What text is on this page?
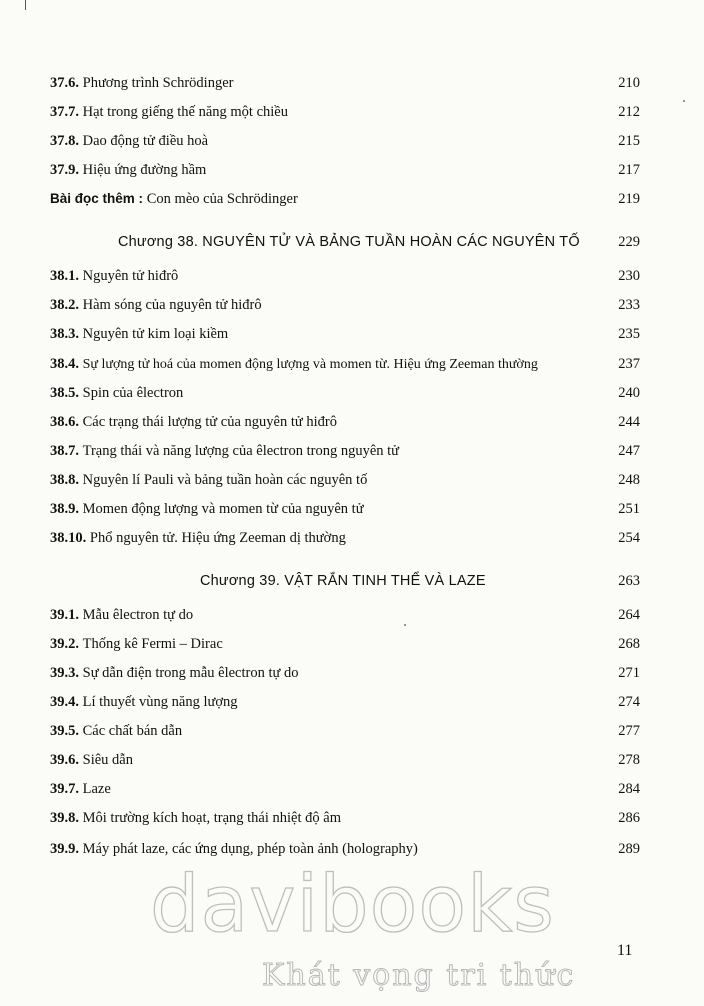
37.6. Phương trình Schrödinger	210
37.7. Hạt trong giếng thế năng một chiều	212
37.8. Dao động tử điều hoà	215
37.9. Hiệu ứng đường hầm	217
Bài đọc thêm : Con mèo của Schrödinger	219
Chương 38. NGUYÊN TỬ VÀ BẢNG TUẦN HOÀN CÁC NGUYÊN TỐ	229
38.1. Nguyên tử hiđrô	230
38.2. Hàm sóng của nguyên tử hiđrô	233
38.3. Nguyên tử kim loại kiềm	235
38.4. Sự lượng tử hoá của momen động lượng và momen từ. Hiệu ứng Zeeman thường	237
38.5. Spin của êlectron	240
38.6. Các trạng thái lượng tử của nguyên tử hiđrô	244
38.7. Trạng thái và năng lượng của êlectron trong nguyên tử	247
38.8. Nguyên lí Pauli và bảng tuần hoàn các nguyên tố	248
38.9. Momen động lượng và momen từ của nguyên tử	251
38.10. Phổ nguyên tử. Hiệu ứng Zeeman dị thường	254
Chương 39. VẬT RẮN TINH THỂ VÀ LAZE	263
39.1. Mẫu êlectron tự do	264
39.2. Thống kê Fermi – Dirac	268
39.3. Sự dẫn điện trong mẫu êlectron tự do	271
39.4. Lí thuyết vùng năng lượng	274
39.5. Các chất bán dẫn	277
39.6. Siêu dẫn	278
39.7. Laze	284
39.8. Môi trường kích hoạt, trạng thái nhiệt độ âm	286
39.9. Máy phát laze, các ứng dụng, phép toàn ảnh (holography)	289
davibooks
Khát vọng tri thức
11
